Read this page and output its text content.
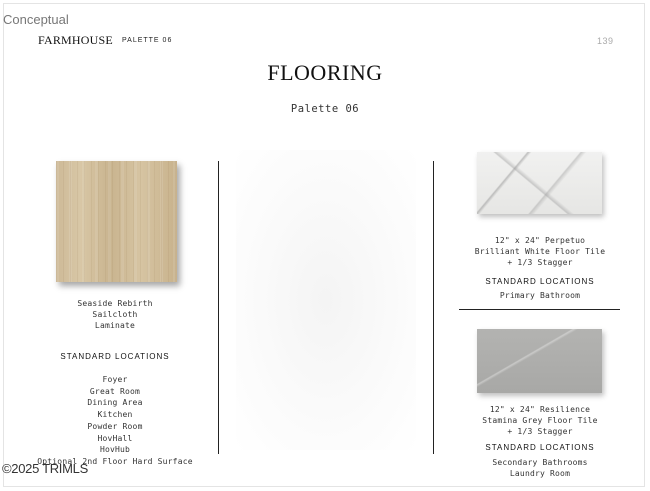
Conceptual
FARMHOUSE PALETTE 06	139
FLOORING
Palette 06
Seaside Rebirth
Sailcloth
Laminate
STANDARD LOCATIONS
Foyer
Great Room
Dining Area
Kitchen
Powder Room
HovHall
HovHub
Optional 2nd Floor Hard Surface
12" x 24" Perpetuo
Brilliant White Floor Tile
+ 1/3 Stagger
STANDARD LOCATIONS
Primary Bathroom
12" x 24" Resilience
Stamina Grey Floor Tile
+ 1/3 Stagger
STANDARD LOCATIONS
Secondary Bathrooms
Laundry Room
©2025 TRIMLS
